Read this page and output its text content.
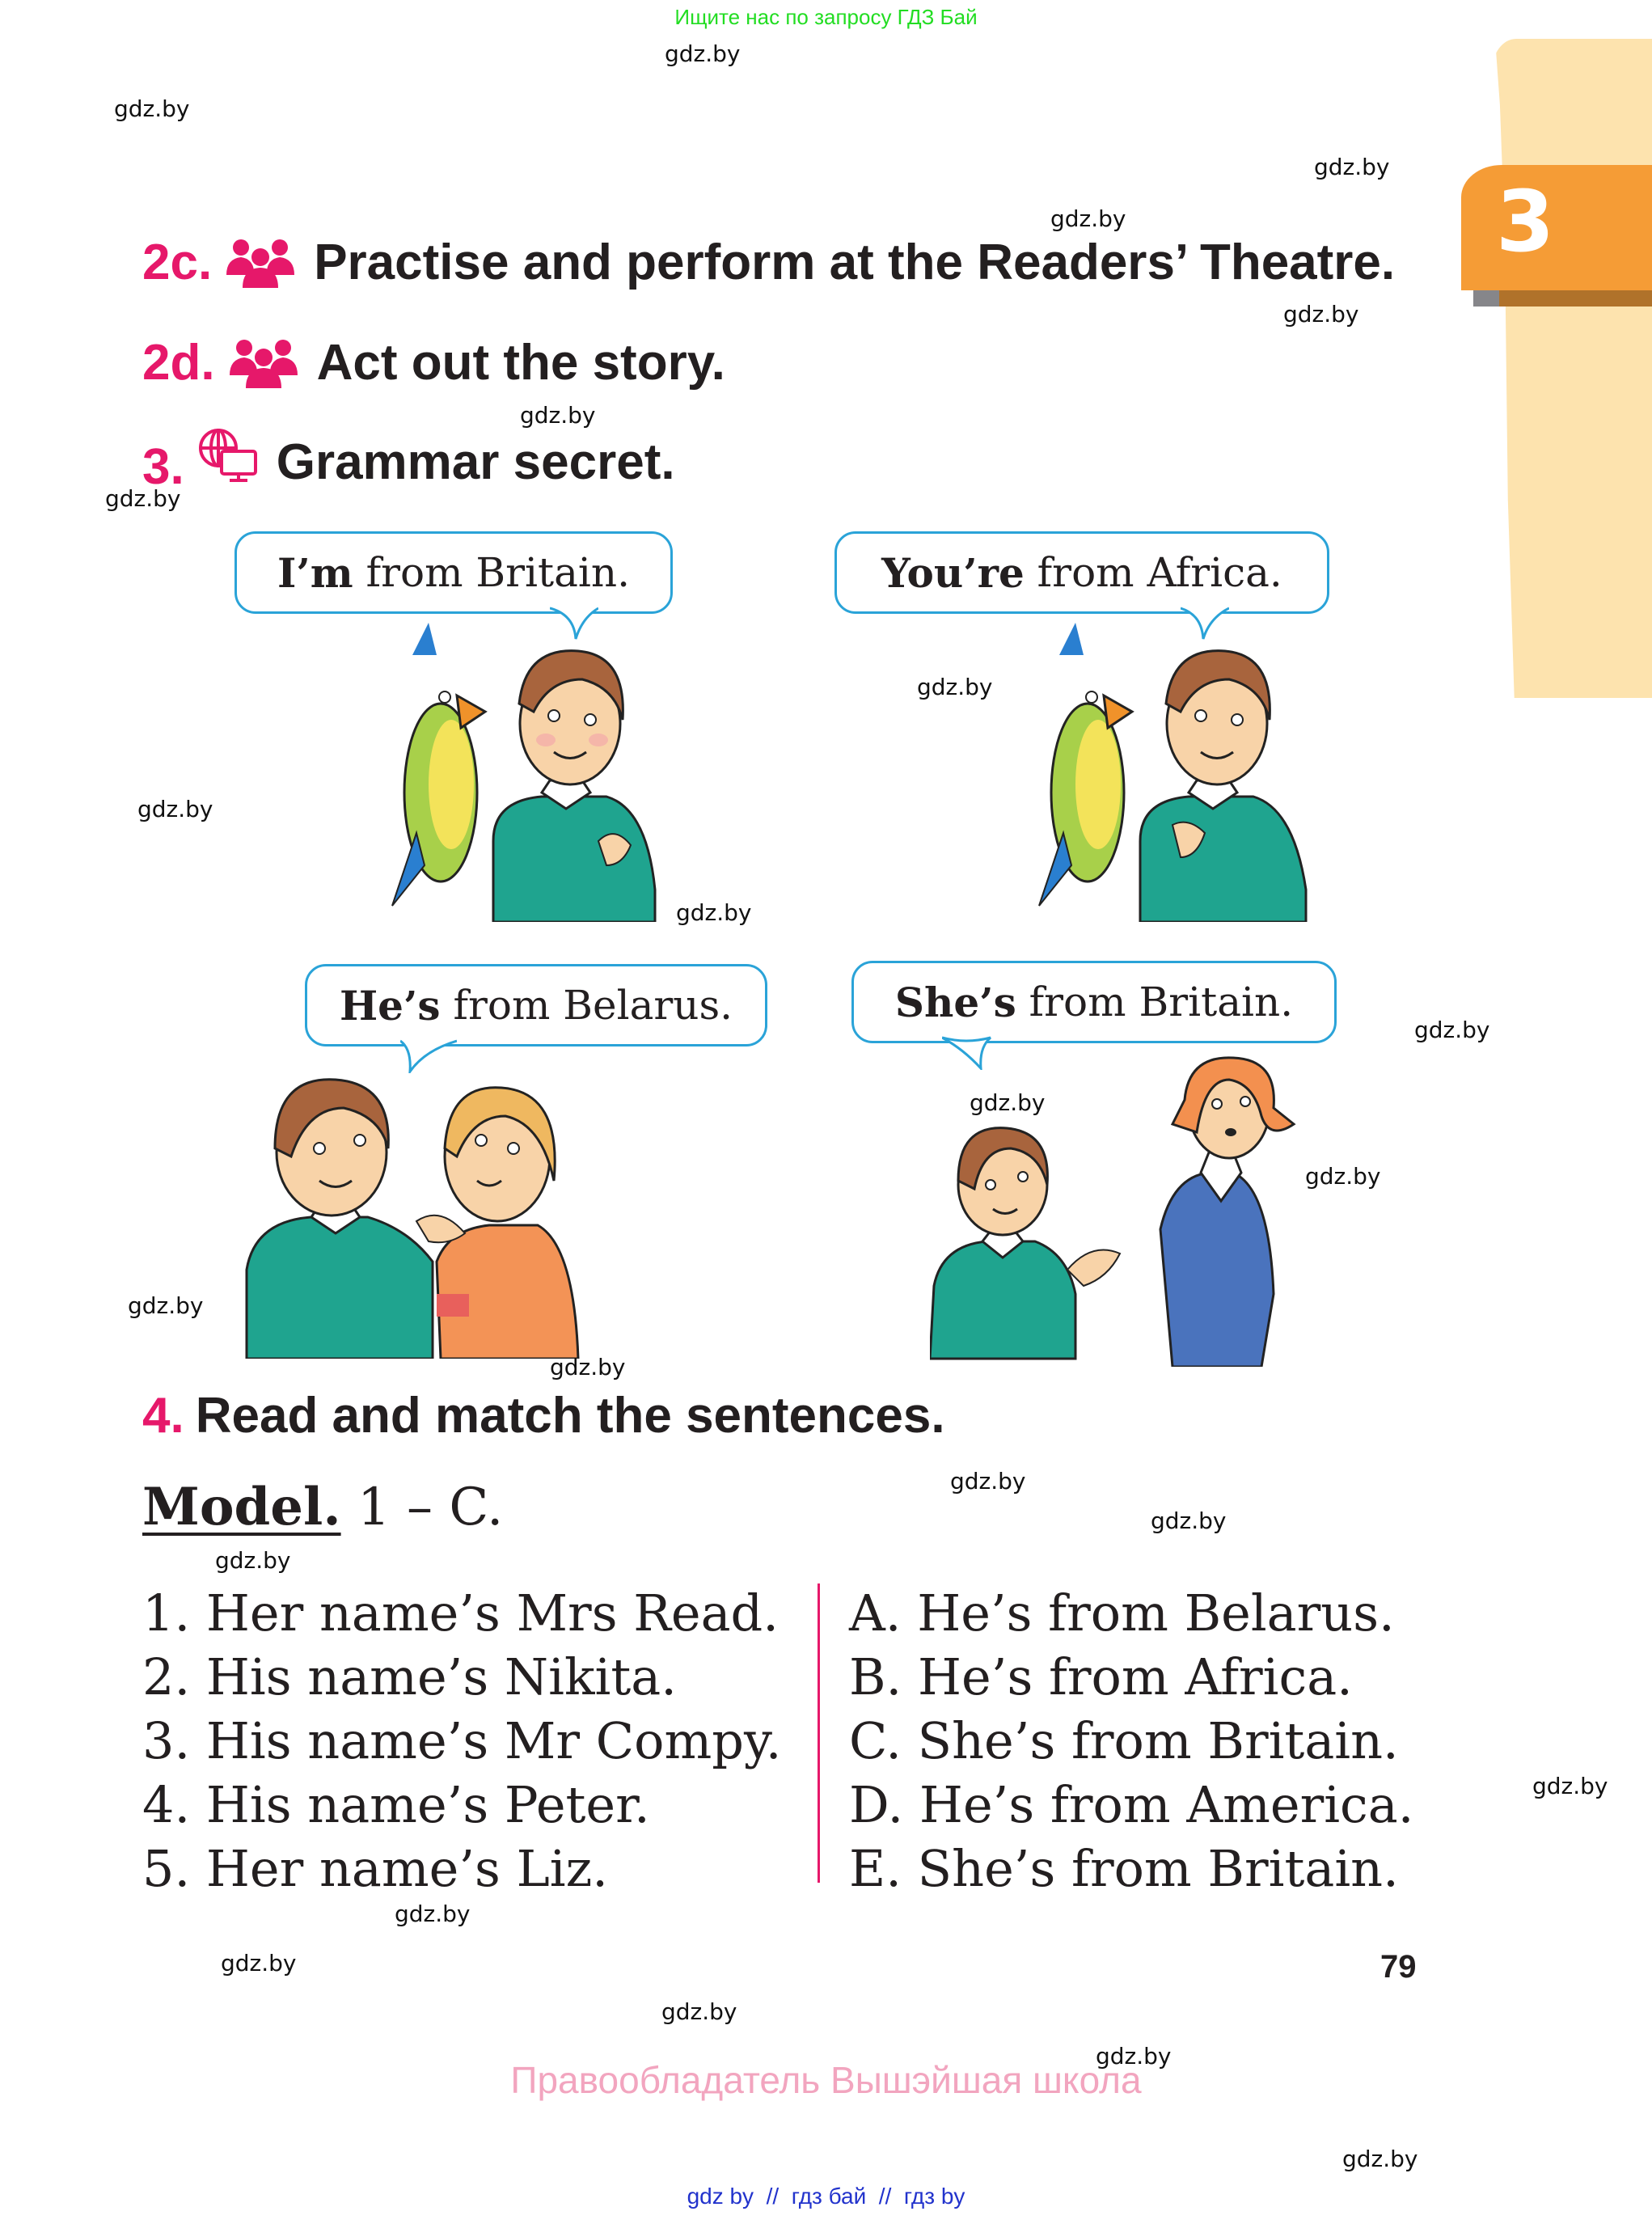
Ищите нас по запросу ГДЗ Бай
3
2c. Practise and perform at the Readers’ Theatre.
2d. Act out the story.
3. Grammar secret.
I’m from Britain.	You’re from Africa.
He’s from Belarus.	She’s from Britain.
4. Read and match the sentences.
Model. 1 – C.
1. Her name’s Mrs Read.
2. His name’s Nikita.
3. His name’s Mr Compy.
4. His name’s Peter.
5. Her name’s Liz.
A. He’s from Belarus.
B. He’s from Africa.
C. She’s from Britain.
D. He’s from America.
E. She’s from Britain.
79
Правообладатель Вышэйшая школа
gdz by  //  гдз бай  //  гдз by
gdz.by
gdz.by
gdz.by
gdz.by
gdz.by
gdz.by
gdz.by
gdz.by
gdz.by
gdz.by
gdz.by
gdz.by
gdz.by
gdz.by
gdz.by
gdz.by
gdz.by
gdz.by
gdz.by
gdz.by
gdz.by
gdz.by
gdz.by
gdz.by
